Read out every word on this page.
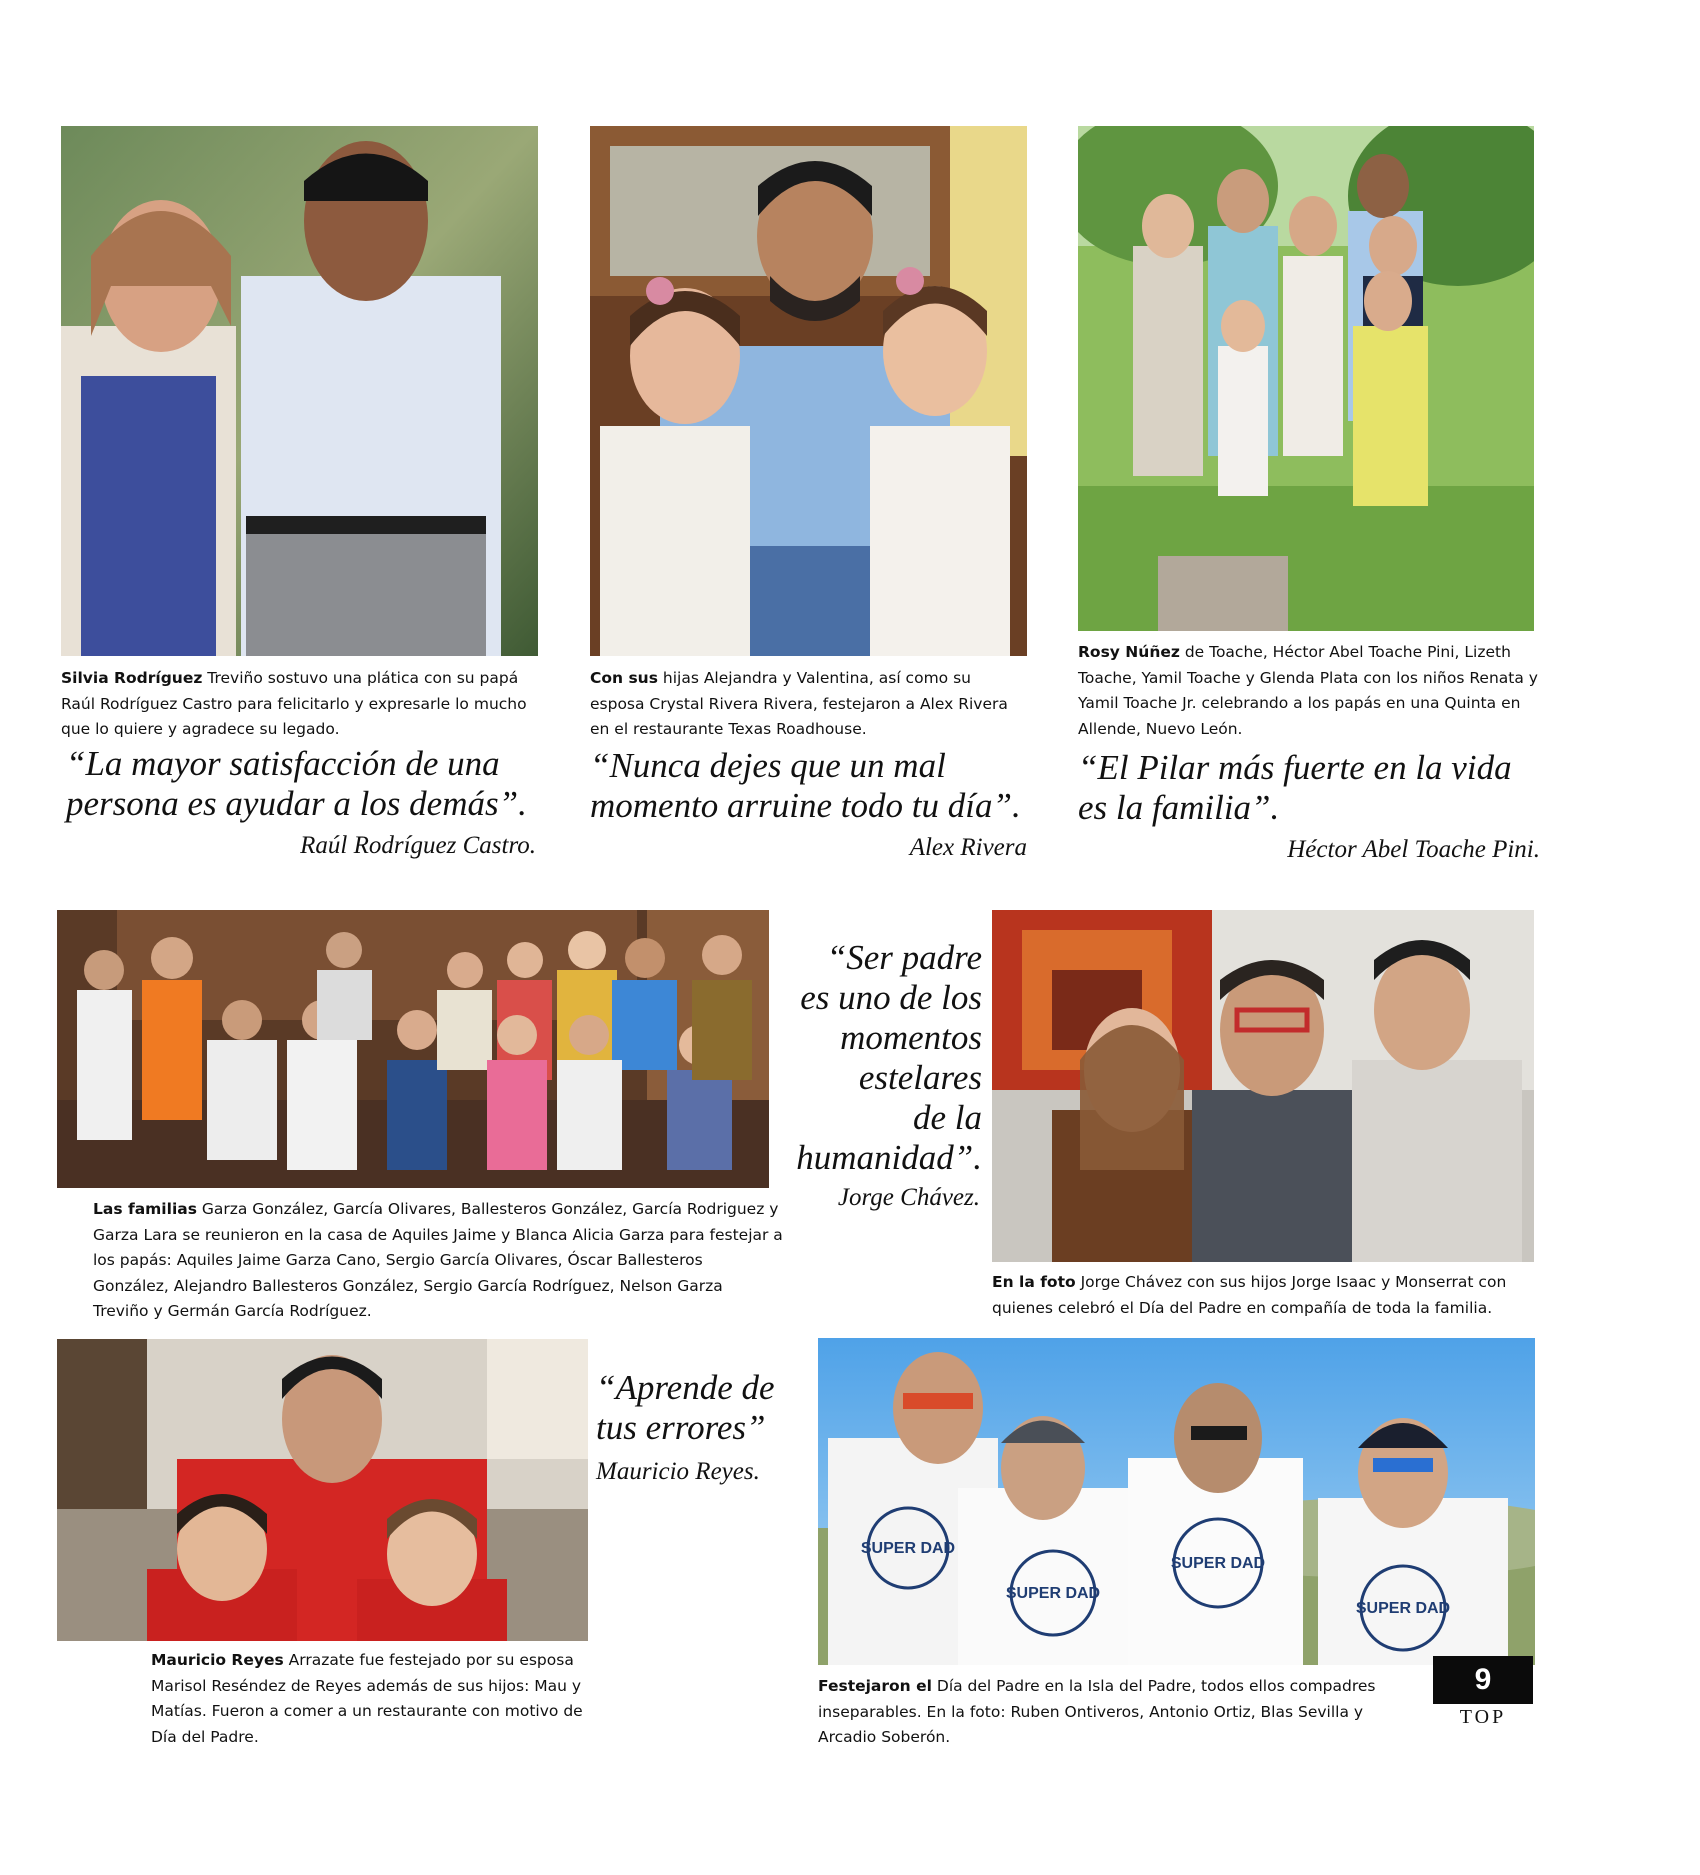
Silvia Rodríguez Treviño sostuvo una plática con su papá Raúl Rodríguez Castro para felicitarlo y expresarle lo mucho que lo quiere y agradece su legado.
Con sus hijas Alejandra y Valentina, así como su esposa Crystal Rivera Rivera, festejaron a Alex Rivera en el restaurante Texas Roadhouse.
Rosy Núñez de Toache, Héctor Abel Toache Pini, Lizeth Toache, Yamil Toache y Glenda Plata con los niños Renata y Yamil Toache Jr. celebrando a los papás en una Quinta en Allende, Nuevo León.
“La mayor satisfacción de una persona es ayudar a los demás”.
Raúl Rodríguez Castro.
“Nunca dejes que un mal momento arruine todo tu día”.
Alex Rivera
“El Pilar más fuerte en la vida es la familia”.
Héctor Abel Toache Pini.
Las familias Garza González, García Olivares, Ballesteros González, García Rodriguez y Garza Lara se reunieron en la casa de Aquiles Jaime y Blanca Alicia Garza para festejar a los papás: Aquiles Jaime Garza Cano, Sergio García Olivares, Óscar Ballesteros González, Alejandro Ballesteros González, Sergio García Rodríguez, Nelson Garza Treviño y Germán García Rodríguez.
“Ser padre
es uno de los
momentos
estelares
de la
humanidad”.
Jorge Chávez.
En la foto Jorge Chávez con sus hijos Jorge Isaac y Monserrat con quienes celebró el Día del Padre en compañía de toda la familia.
“Aprende de
tus errores”
Mauricio Reyes.
Mauricio Reyes Arrazate fue festejado por su esposa Marisol Reséndez de Reyes además de sus hijos: Mau y Matías. Fueron a comer a un restaurante con motivo de Día del Padre.
SUPER DAD
SUPER DAD
SUPER DAD
SUPER DAD
Festejaron el Día del Padre en la Isla del Padre, todos ellos compadres inseparables. En la foto: Ruben Ontiveros, Antonio Ortiz, Blas Sevilla y Arcadio Soberón.
9
TOP
